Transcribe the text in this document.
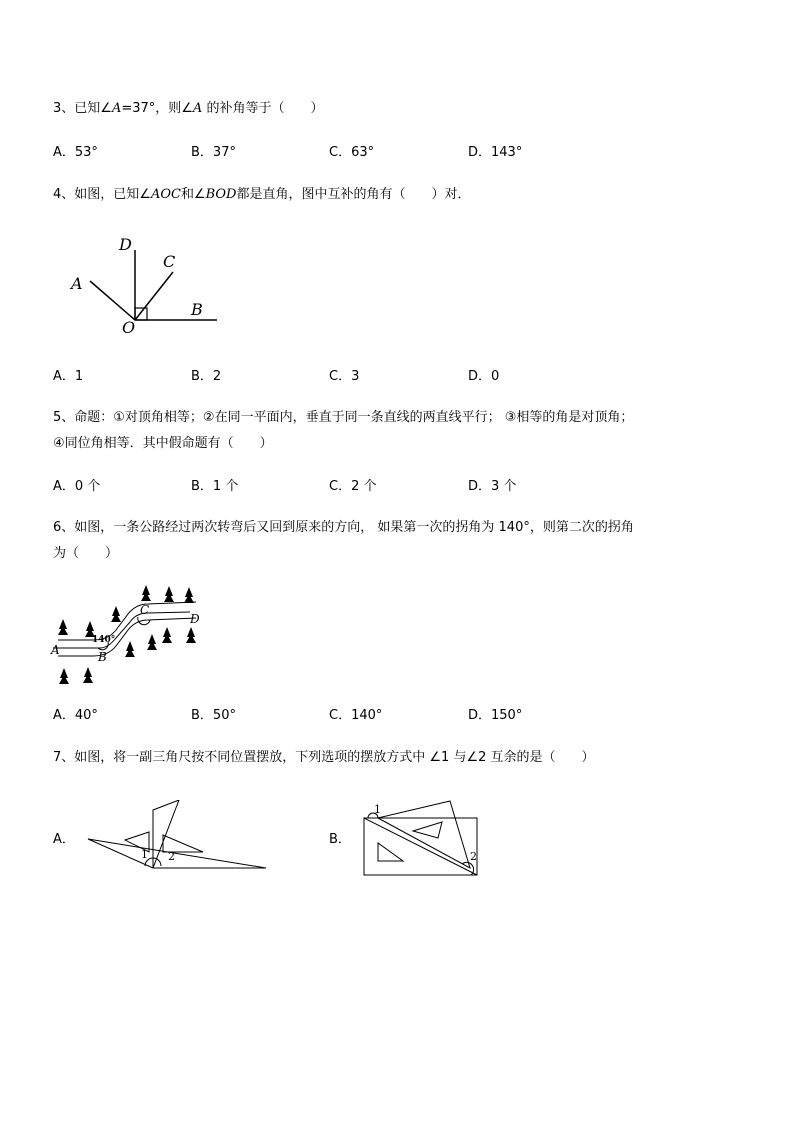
3、已知∠A=37°，则∠A 的补角等于（　　）
A．53°	B．37°	C．63°	D．143°
4、如图，已知∠AOC和∠BOD都是直角，图中互补的角有（　　）对．
D
C
A
B
O
A．1	B．2	C．3	D．0
5、命题：①对顶角相等；②在同一平面内，垂直于同一条直线的两直线平行； ③相等的角是对顶角；
④同位角相等．其中假命题有（　　）
A．0 个	B．1 个	C．2 个	D．3 个
6、如图，一条公路经过两次转弯后又回到原来的方向， 如果第一次的拐角为 140°，则第二次的拐角
为（　　）
A	B
C
D
140°
A．40°	B．50°	C．140°	D．150°
7、如图，将一副三角尺按不同位置摆放，下列选项的摆放方式中 ∠1 与∠2 互余的是（　　）
A．
1 2
B．
1
2
